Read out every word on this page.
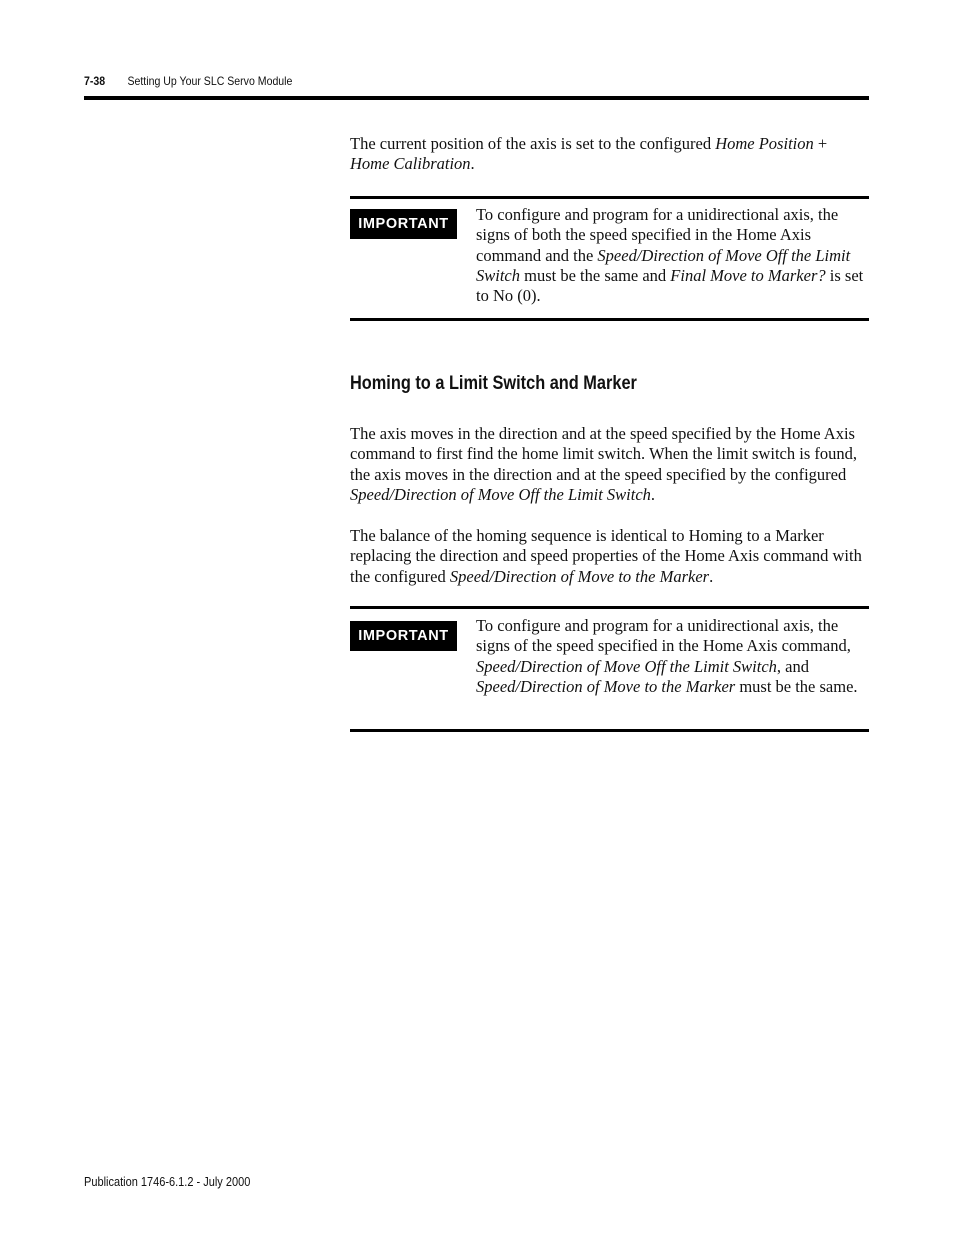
7-38 Setting Up Your SLC Servo Module

The current position of the axis is set to the configured Home Position + Home Calibration.

IMPORTANT	To configure and program for a unidirectional axis, the signs of both the speed specified in the Home Axis command and the Speed/Direction of Move Off the Limit Switch must be the same and Final Move to Marker? is set to No (0).

Homing to a Limit Switch and Marker

The axis moves in the direction and at the speed specified by the Home Axis command to first find the home limit switch. When the limit switch is found, the axis moves in the direction and at the speed specified by the configured Speed/Direction of Move Off the Limit Switch.

The balance of the homing sequence is identical to Homing to a Marker replacing the direction and speed properties of the Home Axis command with the configured Speed/Direction of Move to the Marker.

IMPORTANT

To configure and program for a unidirectional axis, the signs of the speed specified in the Home Axis command, Speed/Direction of Move Off the Limit Switch, and Speed/Direction of Move to the Marker must be the same.

Publication 1746-6.1.2 - July 2000
